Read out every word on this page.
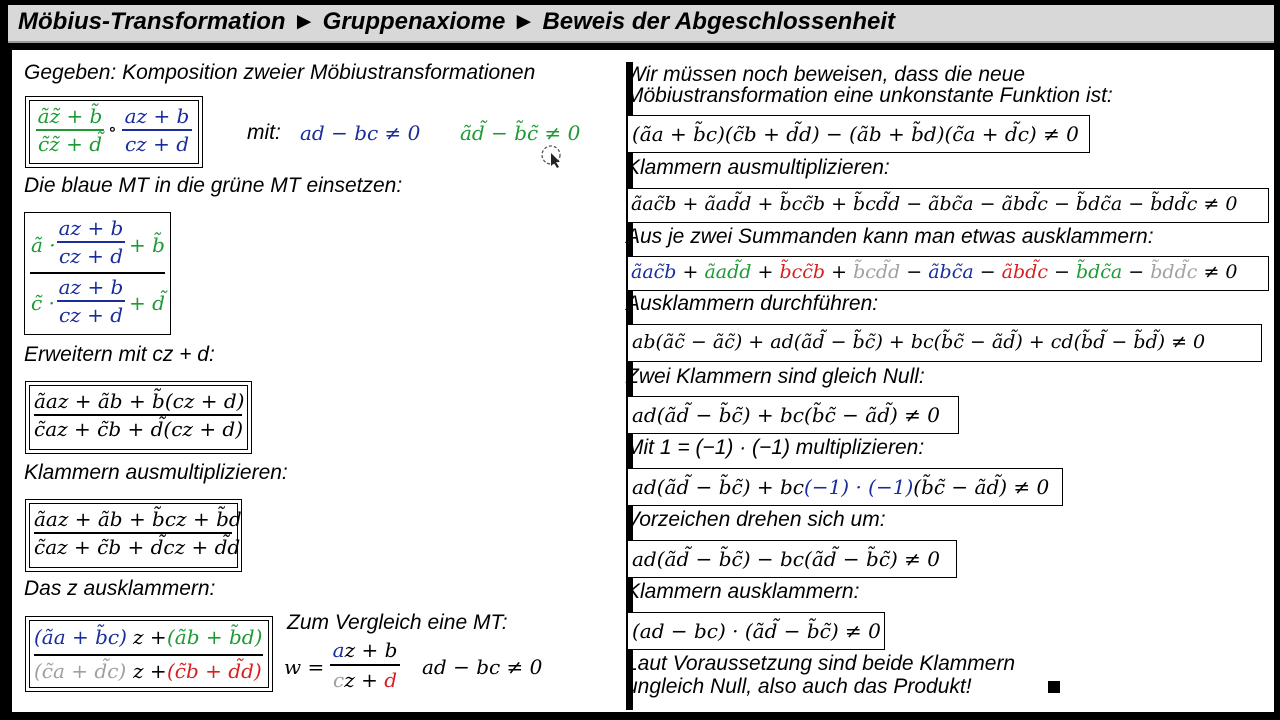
Möbius-Transformation ► Gruppenaxiome ► Beweis der Abgeschlossenheit
Gegeben: Komposition zweier Möbiustransformationen
ãz̃ + b̃
c̃z̃ + d̃
∘
az + b
cz + d	mit: ad − bc ≠ 0 ãd̃ − b̃c̃ ≠ 0
Die blaue MT in die grüne MT einsetzen:
ã ·
az + b
cz + d + b̃
c̃ ·
az + b
cz + d + d̃
Erweitern mit cz + d:
ãaz + ãb + b̃(cz + d)
c̃az + c̃b + d̃(cz + d)
Klammern ausmultiplizieren:
ãaz + ãb + b̃cz + b̃d
c̃az + c̃b + d̃cz + d̃d
Das z ausklammern:
(ãa + b̃c) z + (ãb + b̃d)
(c̃a + d̃c) z + (c̃b + d̃d)
Zum Vergleich eine MT:
w =
az + b
cz + d
ad − bc ≠ 0
Wir müssen noch beweisen, dass die neue
Möbiustransformation eine unkonstante Funktion ist:
(ãa + b̃c)(c̃b + d̃d) − (ãb + b̃d)(c̃a + d̃c) ≠ 0
Klammern ausmultiplizieren:
ãac̃b + ãad̃d + b̃cc̃b + b̃cd̃d − ãbc̃a − ãbd̃c − b̃dc̃a − b̃dd̃c ≠ 0
Aus je zwei Summanden kann man etwas ausklammern:
ãac̃b + ãad̃d + b̃cc̃b + b̃cd̃d − ãbc̃a − ãbd̃c − b̃dc̃a − b̃dd̃c ≠ 0
Ausklammern durchführen:
ab(ãc̃ − ãc̃) + ad(ãd̃ − b̃c̃) + bc(b̃c̃ − ãd̃) + cd(b̃d̃ − b̃d̃) ≠ 0
Zwei Klammern sind gleich Null:
ad(ãd̃ − b̃c̃) + bc(b̃c̃ − ãd̃) ≠ 0
Mit 1 = (−1) · (−1) multiplizieren:
ad(ãd̃ − b̃c̃) + bc(−1) · (−1)(b̃c̃ − ãd̃) ≠ 0
Vorzeichen drehen sich um:
ad(ãd̃ − b̃c̃) − bc(ãd̃ − b̃c̃) ≠ 0
Klammern ausklammern:
(ad − bc) · (ãd̃ − b̃c̃) ≠ 0
Laut Voraussetzung sind beide Klammern
ungleich Null, also auch das Produkt!
